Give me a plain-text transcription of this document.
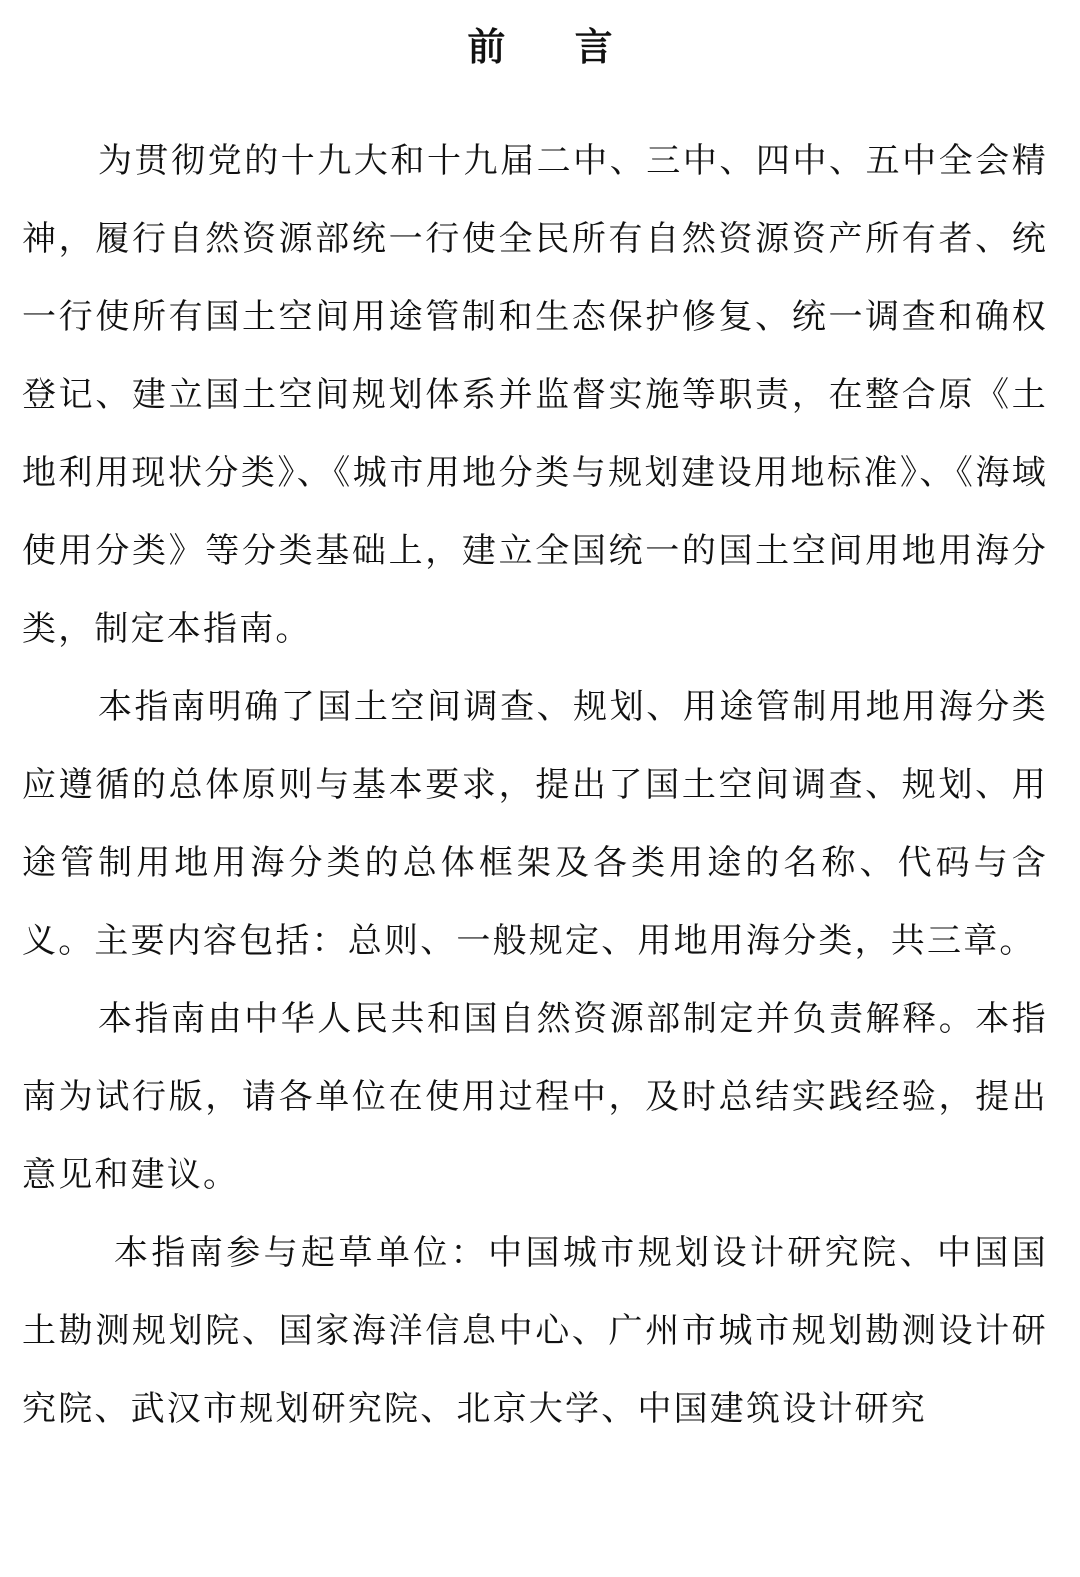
前 言

为贯彻党的十九大和十九届二中、三中、四中、五中全会精神，履行自然资源部统一行使全民所有自然资源资产所有者、统一行使所有国土空间用途管制和生态保护修复、统一调查和确权登记、建立国土空间规划体系并监督实施等职责，在整合原《土地利用现状分类》、《城市用地分类与规划建设用地标准》、《海域使用分类》等分类基础上，建立全国统一的国土空间用地用海分类，制定本指南。

本指南明确了国土空间调查、规划、用途管制用地用海分类应遵循的总体原则与基本要求，提出了国土空间调查、规划、用途管制用地用海分类的总体框架及各类用途的名称、代码与含义。主要内容包括：总则、一般规定、用地用海分类，共三章。

本指南由中华人民共和国自然资源部制定并负责解释。本指南为试行版，请各单位在使用过程中，及时总结实践经验，提出意见和建议。

本指南参与起草单位：中国城市规划设计研究院、中国国土勘测规划院、国家海洋信息中心、广州市城市规划勘测设计研究院、武汉市规划研究院、北京大学、中国建筑设计研究
